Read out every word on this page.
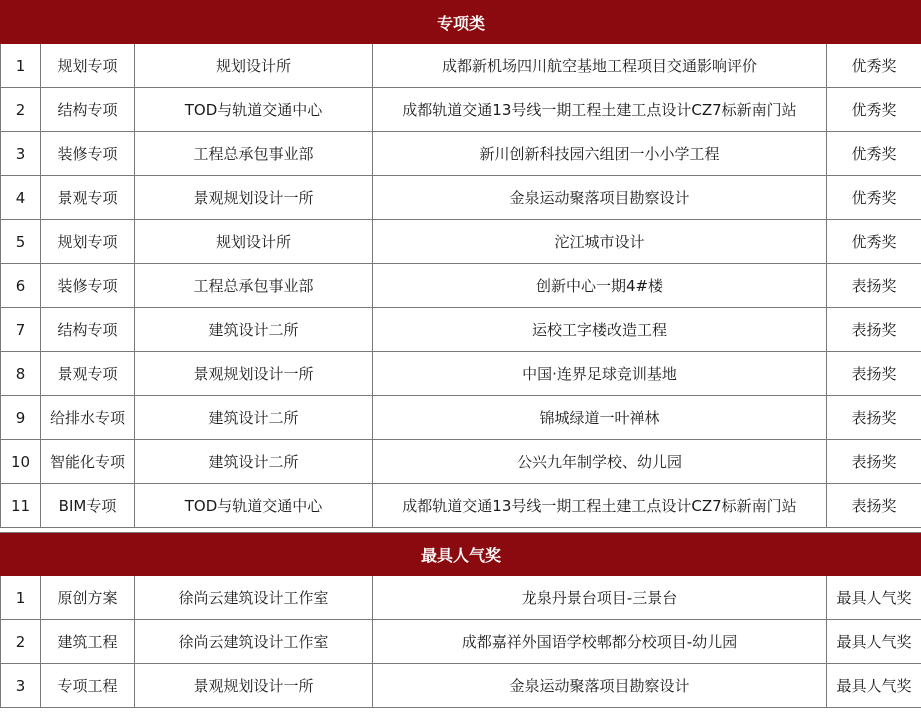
专项类				
1	规划专项	规划设计所	成都新机场四川航空基地工程项目交通影响评价	优秀奖
2	结构专项	TOD与轨道交通中心	成都轨道交通13号线一期工程土建工点设计CZ7标新南门站	优秀奖
3	装修专项	工程总承包事业部	新川创新科技园六组团一小小学工程	优秀奖
4	景观专项	景观规划设计一所	金泉运动聚落项目勘察设计	优秀奖
5	规划专项	规划设计所	沱江城市设计	优秀奖
6	装修专项	工程总承包事业部	创新中心一期4#楼	表扬奖
7	结构专项	建筑设计二所	运校工字楼改造工程	表扬奖
8	景观专项	景观规划设计一所	中国·连界足球竞训基地	表扬奖
9	给排水专项	建筑设计二所	锦城绿道一叶禅林	表扬奖
10	智能化专项	建筑设计二所	公兴九年制学校、幼儿园	表扬奖
11	BIM专项	TOD与轨道交通中心	成都轨道交通13号线一期工程土建工点设计CZ7标新南门站	表扬奖

最具人气奖				
1	原创方案	徐尚云建筑设计工作室	龙泉丹景台项目-三景台	最具人气奖
2	建筑工程	徐尚云建筑设计工作室	成都嘉祥外国语学校郫都分校项目-幼儿园	最具人气奖
3	专项工程	景观规划设计一所	金泉运动聚落项目勘察设计	最具人气奖
